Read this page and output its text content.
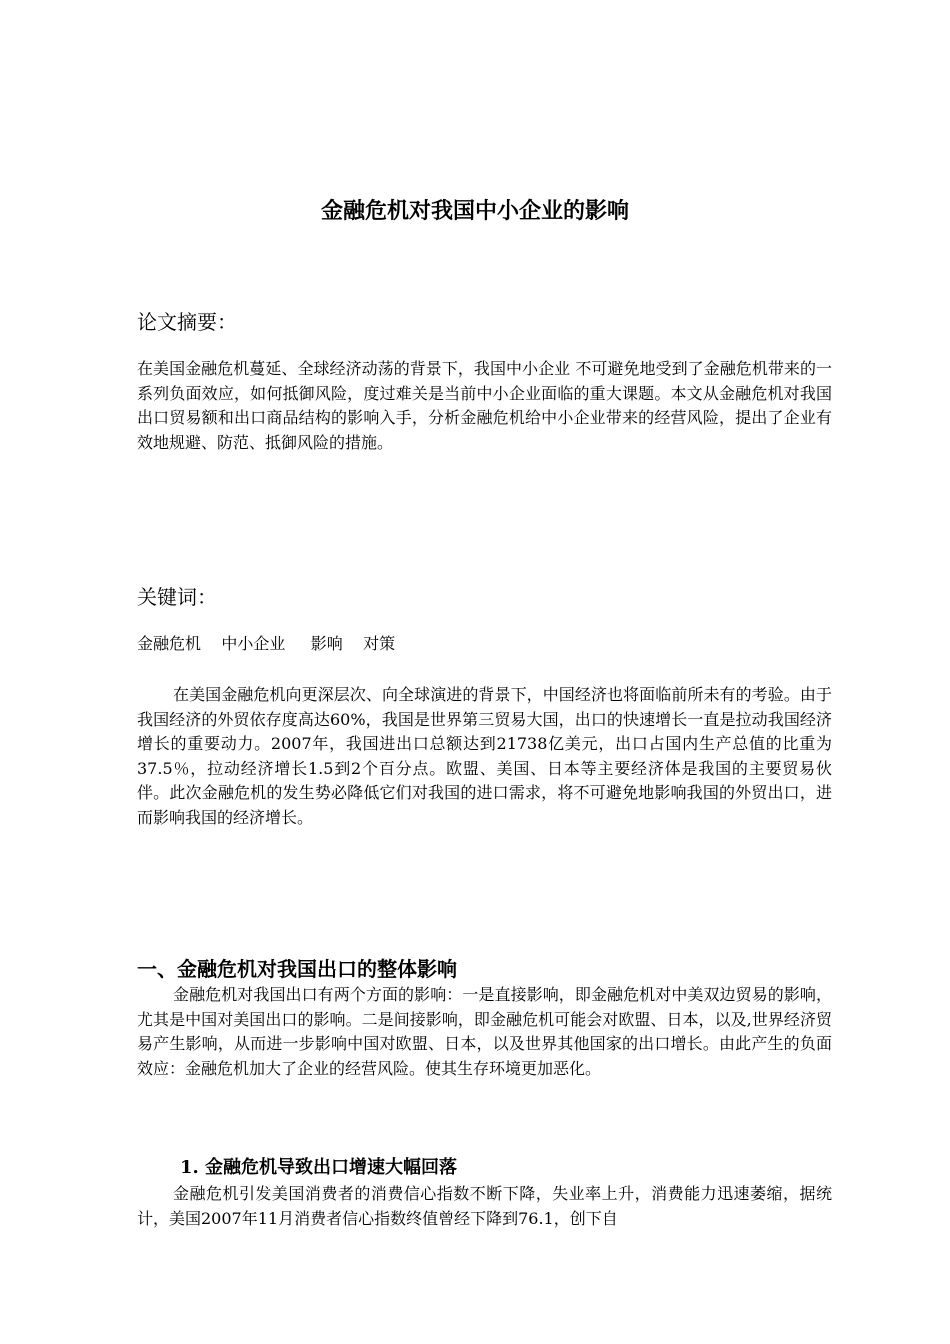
金融危机对我国中小企业的影响
论文摘要：

在美国金融危机蔓延、全球经济动荡的背景下，我国中小企业 不可避免地受到了金融危机带来的一系列负面效应，如何抵御风险，度过难关是当前中小企业面临的重大课题。本文从金融危机对我国出口贸易额和出口商品结构的影响入手，分析金融危机给中小企业带来的经营风险，提出了企业有效地规避、防范、抵御风险的措施。

关键词：

金融危机    中小企业     影响    对策

在美国金融危机向更深层次、向全球演进的背景下，中国经济也将面临前所未有的考验。由于我国经济的外贸依存度高达60%，我国是世界第三贸易大国，出口的快速增长一直是拉动我国经济增长的重要动力。2007年，我国进出口总额达到21738亿美元，出口占国内生产总值的比重为37.5％，拉动经济增长1.5到2个百分点。欧盟、美国、日本等主要经济体是我国的主要贸易伙伴。此次金融危机的发生势必降低它们对我国的进口需求，将不可避免地影响我国的外贸出口，进而影响我国的经济增长。

一、金融危机对我国出口的整体影响

金融危机对我国出口有两个方面的影响：一是直接影响，即金融危机对中美双边贸易的影响，尤其是中国对美国出口的影响。二是间接影响，即金融危机可能会对欧盟、日本，以及,世界经济贸易产生影响，从而进一步影响中国对欧盟、日本，以及世界其他国家的出口增长。由此产生的负面效应：金融危机加大了企业的经营风险。使其生存环境更加恶化。

1. 金融危机导致出口增速大幅回落

金融危机引发美国消费者的消费信心指数不断下降，失业率上升，消费能力迅速萎缩，据统计，美国2007年11月消费者信心指数终值曾经下降到76.1，创下自
